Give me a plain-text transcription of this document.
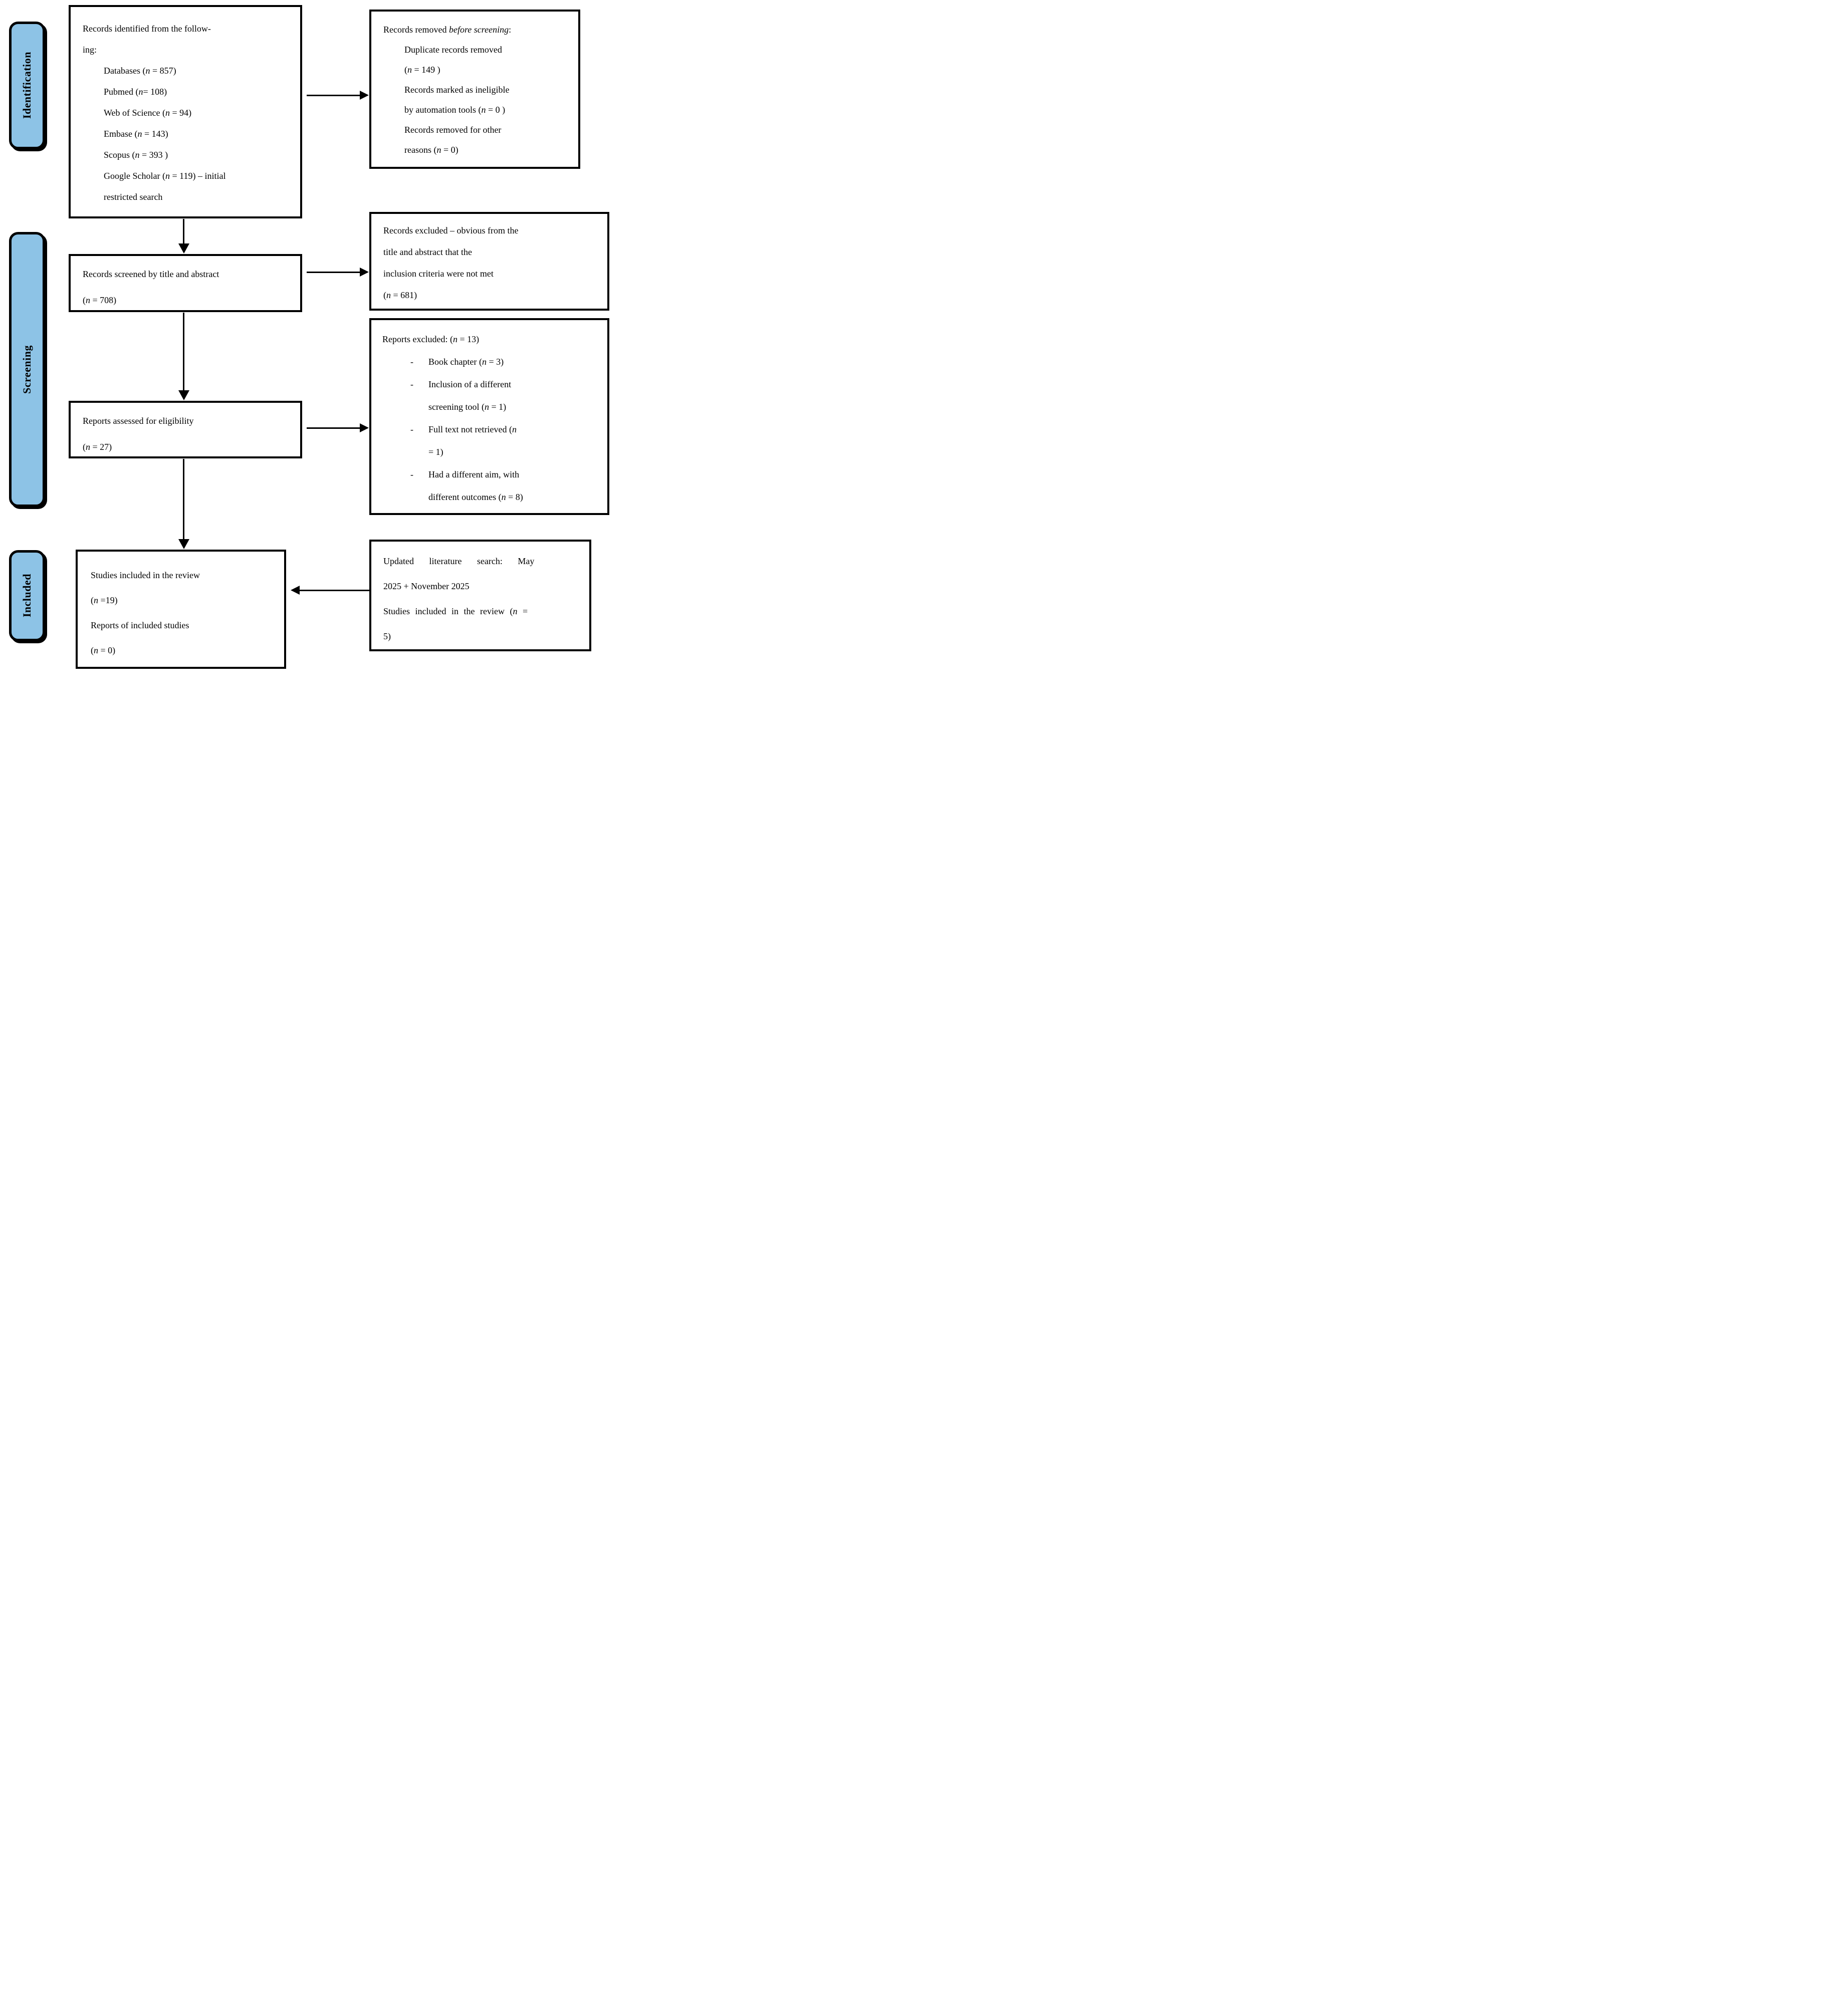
Identification
Screening
Included
Records identified from the follow-
ing:
Databases (n = 857)
Pubmed (n= 108)
Web of Science (n = 94)
Embase (n = 143)
Scopus (n = 393 )
Google Scholar (n = 119) – initial
restricted search
Records removed before screening:
Duplicate records removed
(n = 149 )
Records marked as ineligible
by automation tools (n = 0 )
Records removed for other
reasons (n = 0)
Records screened by title and abstract
(n = 708)
Records excluded – obvious from the
title and abstract that the
inclusion criteria were not met
(n = 681)
Reports assessed for eligibility
(n = 27)
Reports excluded: (n = 13)
- Book chapter (n = 3)
- Inclusion of a different
screening tool (n = 1)
- Full text not retrieved (n
= 1)
- Had a different aim, with
different outcomes (n = 8)
Studies included in the review
(n =19)
Reports of included studies
(n = 0)
Updated literature search: May
2025 + November 2025
Studies included in the review (n =
5)
